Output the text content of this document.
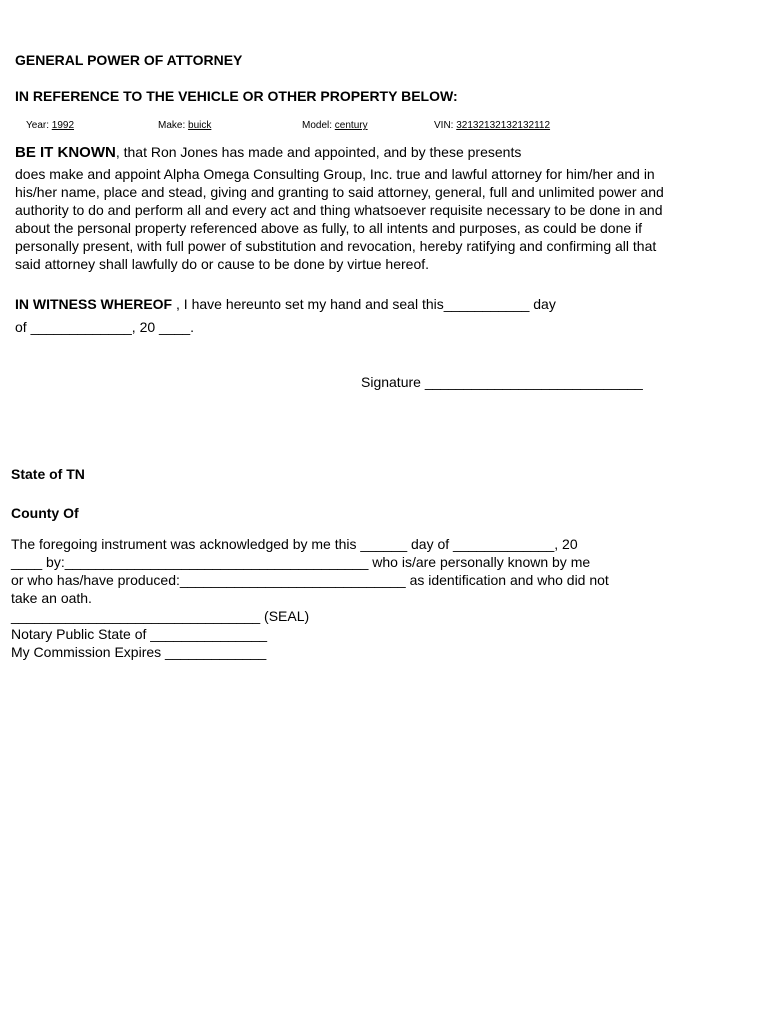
GENERAL POWER OF ATTORNEY
IN REFERENCE TO THE VEHICLE OR OTHER PROPERTY BELOW:
Year: 1992	Make: buick	Model: century	VIN: 32132132132132112
BE IT KNOWN, that Ron Jones has made and appointed, and by these presents
does make and appoint Alpha Omega Consulting Group, Inc. true and lawful attorney for him/her and in his/her name, place and stead, giving and granting to said attorney, general, full and unlimited power and authority to do and perform all and every act and thing whatsoever requisite necessary to be done in and about the personal property referenced above as fully, to all intents and purposes, as could be done if personally present, with full power of substitution and revocation, hereby ratifying and confirming all that said attorney shall lawfully do or cause to be done by virtue hereof.
IN WITNESS WHEREOF , I have hereunto set my hand and seal this___________ day
of _____________, 20 ____.
Signature ____________________________
State of TN
County Of
The foregoing instrument was acknowledged by me this ______ day of _____________, 20
____ by:_______________________________________ who is/are personally known by me
or who has/have produced:_____________________________ as identification and who did not
take an oath.
________________________________ (SEAL)
Notary Public State of _______________
My Commission Expires _____________
